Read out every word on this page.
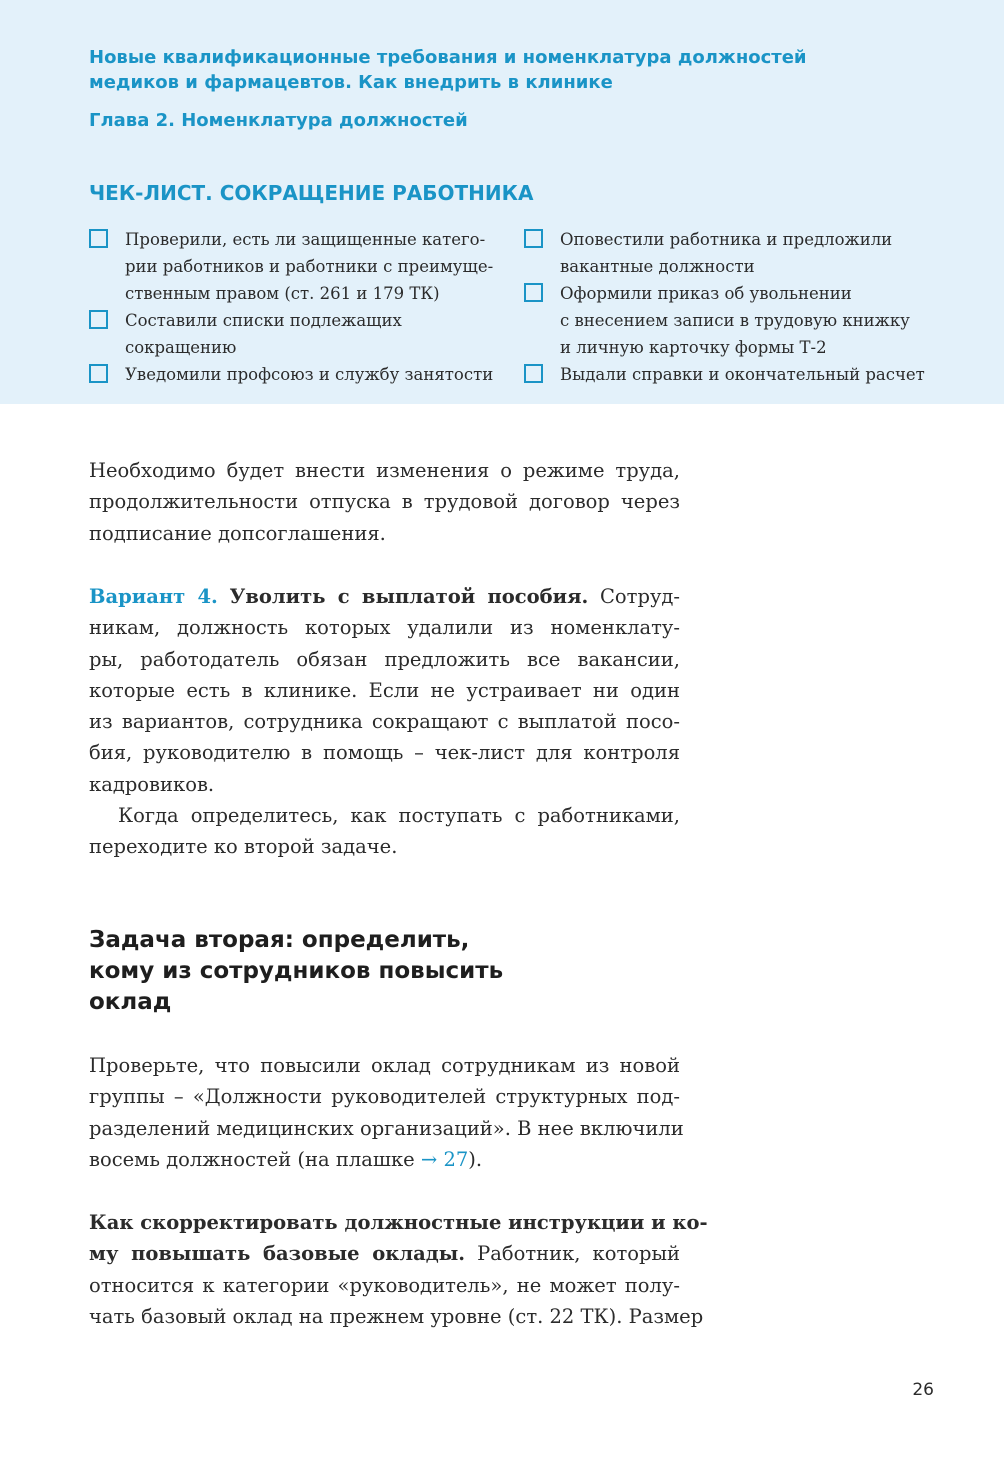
Новые квалификационные требования и номенклатура должностей
медиков и фармацевтов. Как внедрить в клинике
Глава 2. Номенклатура должностей
ЧЕК-ЛИСТ. СОКРАЩЕНИЕ РАБОТНИКА
Проверили, есть ли защищенные катего-
рии работников и работники с преимуще-
ственным правом (ст. 261 и 179 ТК)
Составили списки подлежащих
сокращению
Уведомили профсоюз и службу занятости
Оповестили работника и предложили
вакантные должности
Оформили приказ об увольнении
с внесением записи в трудовую книжку
и личную карточку формы Т-2
Выдали справки и окончательный расчет
Необходимо будет внести изменения о режиме труда,
продолжительности отпуска в трудовой договор через
подписание допсоглашения.
Вариант 4. Уволить с выплатой пособия. Сотруд-
никам, должность которых удалили из номенклату-
ры, работодатель обязан предложить все вакансии,
которые есть в клинике. Если не устраивает ни один
из вариантов, сотрудника сокращают с выплатой посо-
бия, руководителю в помощь – чек-лист для контроля
кадровиков.
Когда определитесь, как поступать с работниками,
переходите ко второй задаче.
Задача вторая: определить,
кому из сотрудников повысить
оклад
Проверьте, что повысили оклад сотрудникам из новой
группы – «Должности руководителей структурных под-
разделений медицинских организаций». В нее включили
восемь должностей (на плашке → 27).
Как скорректировать должностные инструкции и ко-
му повышать базовые оклады. Работник, который
относится к категории «руководитель», не может полу-
чать базовый оклад на прежнем уровне (ст. 22 ТК). Размер
26
